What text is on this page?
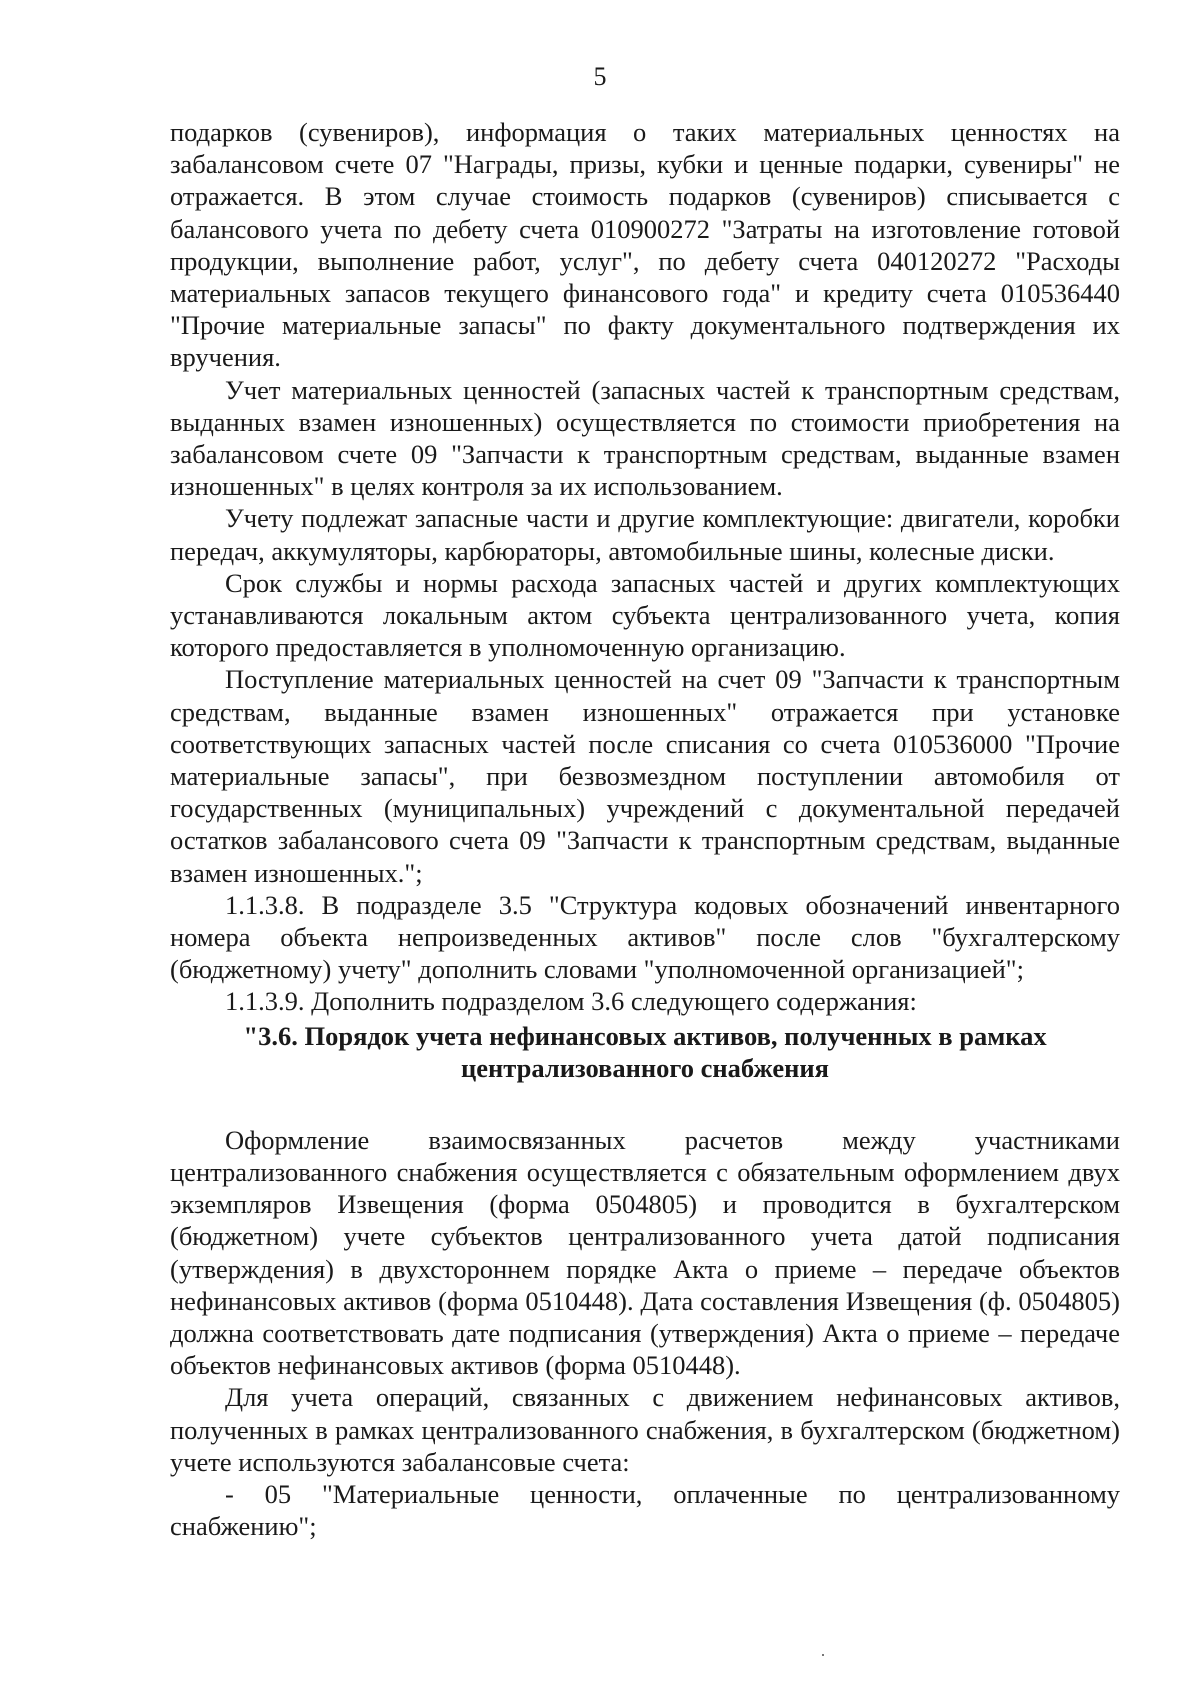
5

подарков (сувениров), информация о таких материальных ценностях на забалансовом счете 07 "Награды, призы, кубки и ценные подарки, сувениры" не отражается. В этом случае стоимость подарков (сувениров) списывается с балансового учета по дебету счета 010900272 "Затраты на изготовление готовой продукции, выполнение работ, услуг", по дебету счета 040120272 "Расходы материальных запасов текущего финансового года" и кредиту счета 010536440 "Прочие материальные запасы" по факту документального подтверждения их вручения.

Учет материальных ценностей (запасных частей к транспортным средствам, выданных взамен изношенных) осуществляется по стоимости приобретения на забалансовом счете 09 "Запчасти к транспортным средствам, выданные взамен изношенных" в целях контроля за их использованием.

Учету подлежат запасные части и другие комплектующие: двигатели, коробки передач, аккумуляторы, карбюраторы, автомобильные шины, колесные диски.

Срок службы и нормы расхода запасных частей и других комплектующих устанавливаются локальным актом субъекта централизованного учета, копия которого предоставляется в уполномоченную организацию.

Поступление материальных ценностей на счет 09 "Запчасти к транспортным средствам, выданные взамен изношенных" отражается при установке соответствующих запасных частей после списания со счета 010536000 "Прочие материальные запасы", при безвозмездном поступлении автомобиля от государственных (муниципальных) учреждений с документальной передачей остатков забалансового счета 09 "Запчасти к транспортным средствам, выданные взамен изношенных.";

1.1.3.8. В подразделе 3.5 "Структура кодовых обозначений инвентарного номера объекта непроизведенных активов" после слов "бухгалтерскому (бюджетному) учету" дополнить словами "уполномоченной организацией";

1.1.3.9. Дополнить подразделом 3.6 следующего содержания:

"3.6. Порядок учета нефинансовых активов, полученных в рамках централизованного снабжения

Оформление взаимосвязанных расчетов между участниками централизованного снабжения осуществляется с обязательным оформлением двух экземпляров Извещения (форма 0504805) и проводится в бухгалтерском (бюджетном) учете субъектов централизованного учета датой подписания (утверждения) в двухстороннем порядке Акта о приеме – передаче объектов нефинансовых активов (форма 0510448). Дата составления Извещения (ф. 0504805) должна соответствовать дате подписания (утверждения) Акта о приеме – передаче объектов нефинансовых активов (форма 0510448).

Для учета операций, связанных с движением нефинансовых активов, полученных в рамках централизованного снабжения, в бухгалтерском (бюджетном) учете используются забалансовые счета:

- 05 "Материальные ценности, оплаченные по централизованному снабжению";
